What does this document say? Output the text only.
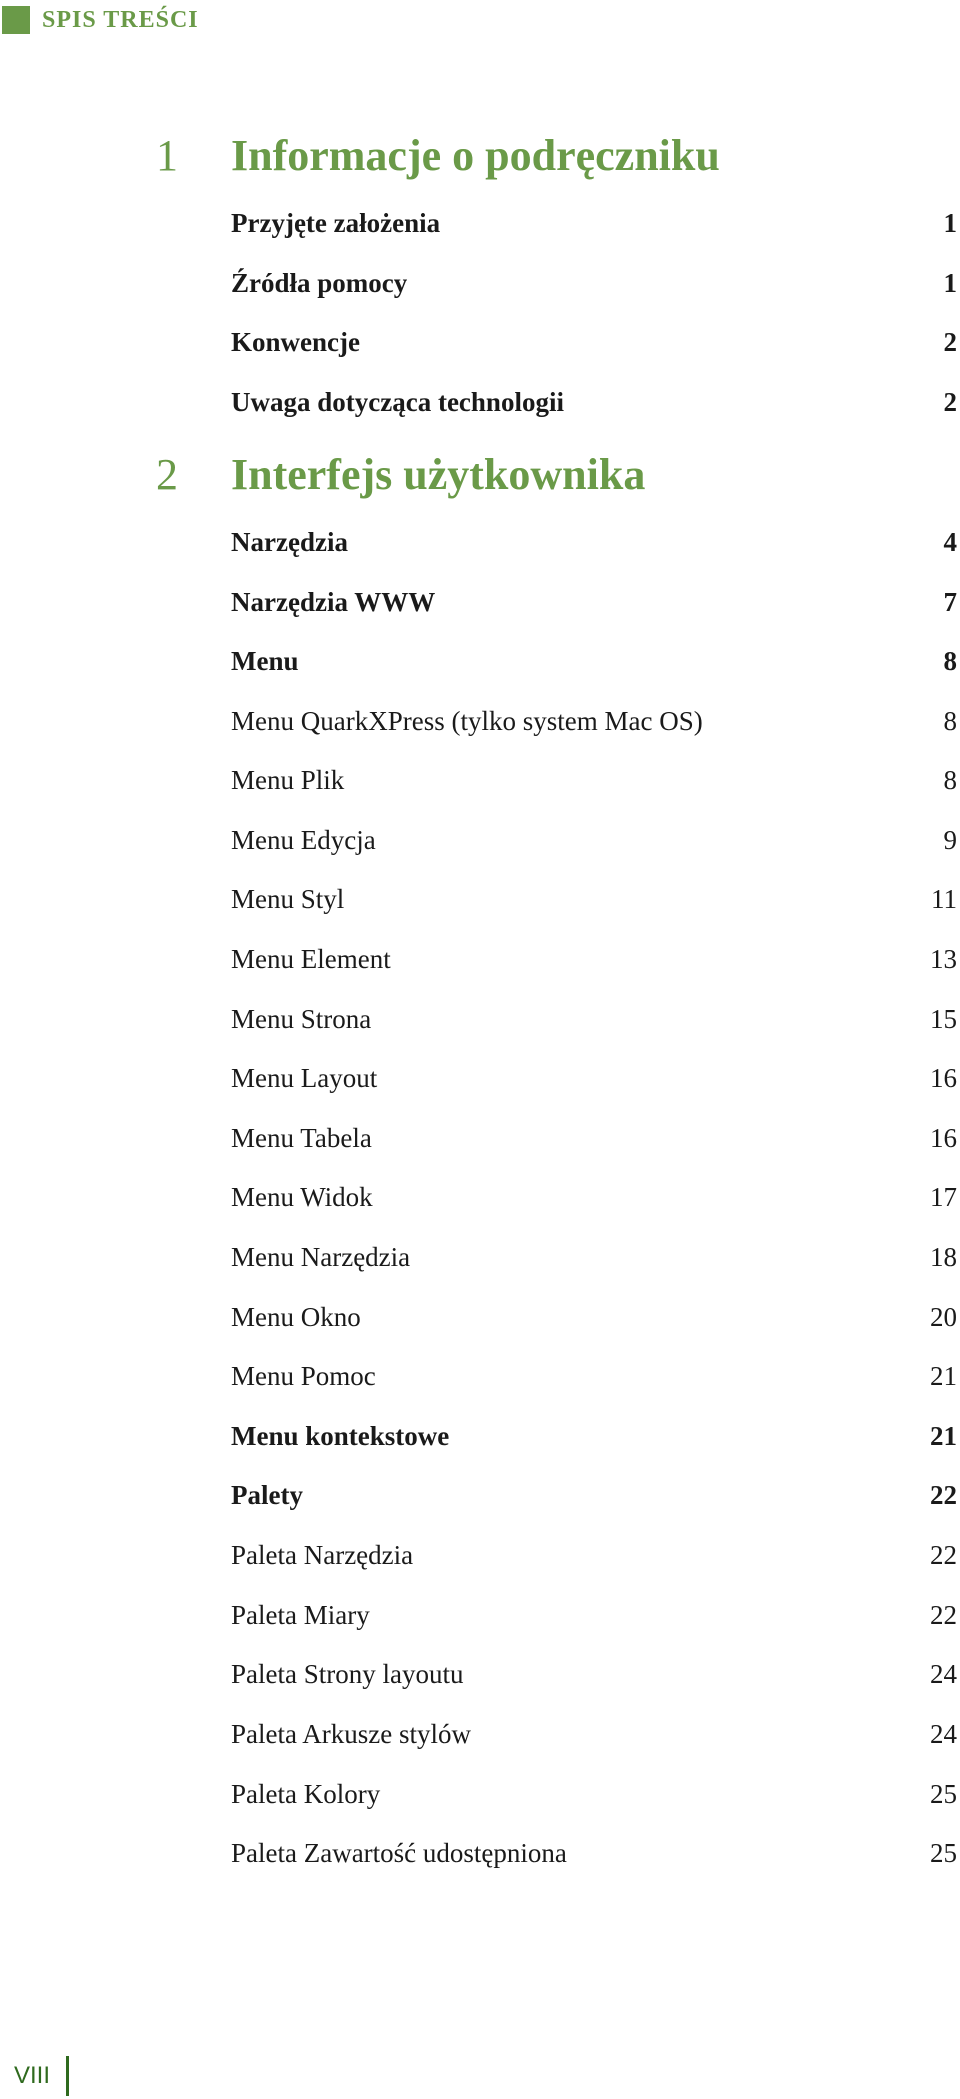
SPIS TREŚCI
1 Informacje o podręczniku
Przyjęte założenia	1
Źródła pomocy	1
Konwencje	2
Uwaga dotycząca technologii	2
2 Interfejs użytkownika
Narzędzia	4
Narzędzia WWW	7
Menu	8
Menu QuarkXPress (tylko system Mac OS)	8
Menu Plik	8
Menu Edycja	9
Menu Styl	11
Menu Element	13
Menu Strona	15
Menu Layout	16
Menu Tabela	16
Menu Widok	17
Menu Narzędzia	18
Menu Okno	20
Menu Pomoc	21
Menu kontekstowe	21
Palety	22
Paleta Narzędzia	22
Paleta Miary	22
Paleta Strony layoutu	24
Paleta Arkusze stylów	24
Paleta Kolory	25
Paleta Zawartość udostępniona	25
VIII
